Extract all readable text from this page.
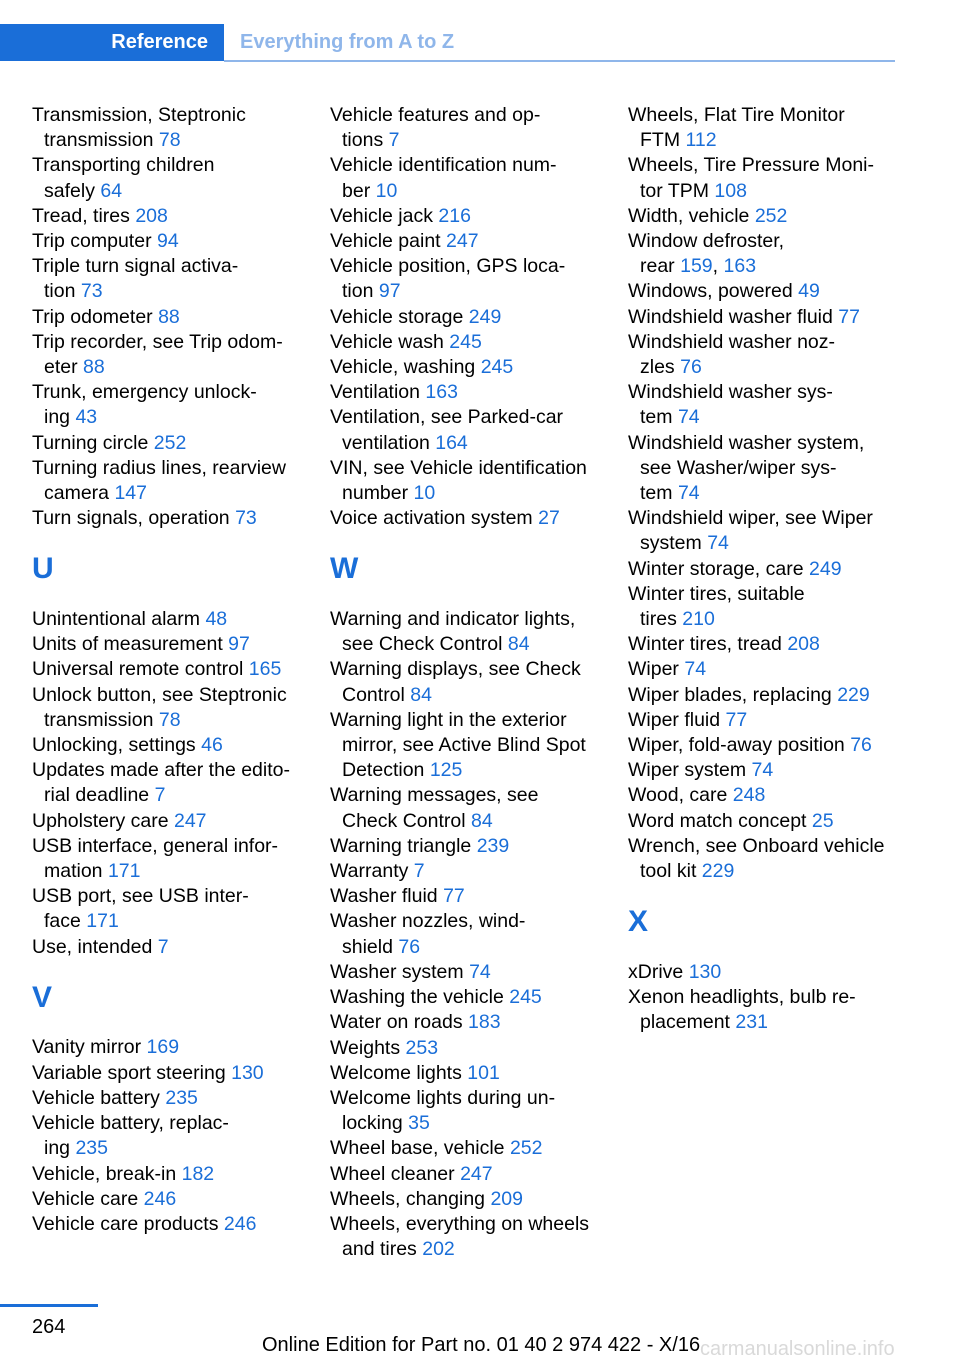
Reference	Everything from A to Z
Transmission, Steptronic
transmission 78
Transporting children
safely 64
Tread, tires 208
Trip computer 94
Triple turn signal activa-
tion 73
Trip odometer 88
Trip recorder, see Trip odom-
eter 88
Trunk, emergency unlock-
ing 43
Turning circle 252
Turning radius lines, rearview
camera 147
Turn signals, operation 73
U
Unintentional alarm 48
Units of measurement 97
Universal remote control 165
Unlock button, see Steptronic
transmission 78
Unlocking, settings 46
Updates made after the edito-
rial deadline 7
Upholstery care 247
USB interface, general infor-
mation 171
USB port, see USB inter-
face 171
Use, intended 7
V
Vanity mirror 169
Variable sport steering 130
Vehicle battery 235
Vehicle battery, replac-
ing 235
Vehicle, break-in 182
Vehicle care 246
Vehicle care products 246
Vehicle features and op-
tions 7
Vehicle identification num-
ber 10
Vehicle jack 216
Vehicle paint 247
Vehicle position, GPS loca-
tion 97
Vehicle storage 249
Vehicle wash 245
Vehicle, washing 245
Ventilation 163
Ventilation, see Parked-car
ventilation 164
VIN, see Vehicle identification
number 10
Voice activation system 27
W
Warning and indicator lights,
see Check Control 84
Warning displays, see Check
Control 84
Warning light in the exterior
mirror, see Active Blind Spot
Detection 125
Warning messages, see
Check Control 84
Warning triangle 239
Warranty 7
Washer fluid 77
Washer nozzles, wind-
shield 76
Washer system 74
Washing the vehicle 245
Water on roads 183
Weights 253
Welcome lights 101
Welcome lights during un-
locking 35
Wheel base, vehicle 252
Wheel cleaner 247
Wheels, changing 209
Wheels, everything on wheels
and tires 202
Wheels, Flat Tire Monitor
FTM 112
Wheels, Tire Pressure Moni-
tor TPM 108
Width, vehicle 252
Window defroster,
rear 159, 163
Windows, powered 49
Windshield washer fluid 77
Windshield washer noz-
zles 76
Windshield washer sys-
tem 74
Windshield washer system,
see Washer/wiper sys-
tem 74
Windshield wiper, see Wiper
system 74
Winter storage, care 249
Winter tires, suitable
tires 210
Winter tires, tread 208
Wiper 74
Wiper blades, replacing 229
Wiper fluid 77
Wiper, fold-away position 76
Wiper system 74
Wood, care 248
Word match concept 25
Wrench, see Onboard vehicle
tool kit 229
X
xDrive 130
Xenon headlights, bulb re-
placement 231
264
Online Edition for Part no. 01 40 2 974 422 - X/16 carmanualsonline.info
